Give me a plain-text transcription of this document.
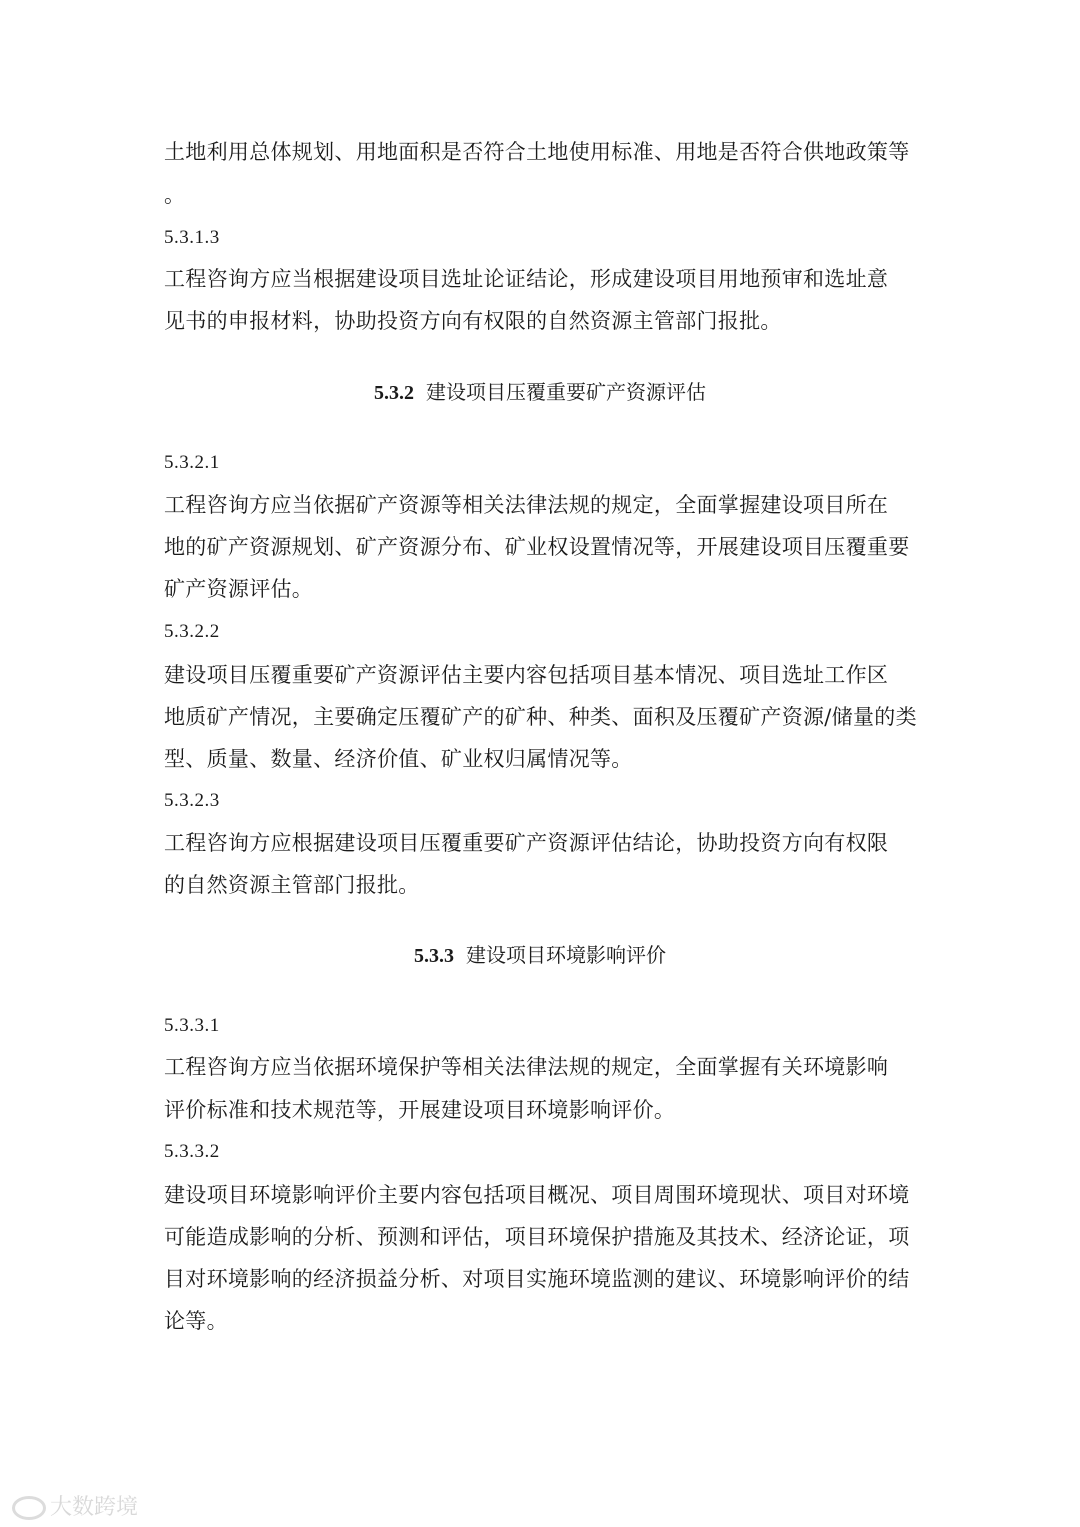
土地利用总体规划、用地面积是否符合土地使用标准、用地是否符合供地政策等
。
5.3.1.3
工程咨询方应当根据建设项目选址论证结论，形成建设项目用地预审和选址意
见书的申报材料，协助投资方向有权限的自然资源主管部门报批。
5.3.2 建设项目压覆重要矿产资源评估
5.3.2.1
工程咨询方应当依据矿产资源等相关法律法规的规定，全面掌握建设项目所在
地的矿产资源规划、矿产资源分布、矿业权设置情况等，开展建设项目压覆重要
矿产资源评估。
5.3.2.2
建设项目压覆重要矿产资源评估主要内容包括项目基本情况、项目选址工作区
地质矿产情况，主要确定压覆矿产的矿种、种类、面积及压覆矿产资源/储量的类
型、质量、数量、经济价值、矿业权归属情况等。
5.3.2.3
工程咨询方应根据建设项目压覆重要矿产资源评估结论，协助投资方向有权限
的自然资源主管部门报批。
5.3.3 建设项目环境影响评价
5.3.3.1
工程咨询方应当依据环境保护等相关法律法规的规定，全面掌握有关环境影响
评价标准和技术规范等，开展建设项目环境影响评价。
5.3.3.2
建设项目环境影响评价主要内容包括项目概况、项目周围环境现状、项目对环境
可能造成影响的分析、预测和评估，项目环境保护措施及其技术、经济论证，项
目对环境影响的经济损益分析、对项目实施环境监测的建议、环境影响评价的结
论等。
大数跨境
